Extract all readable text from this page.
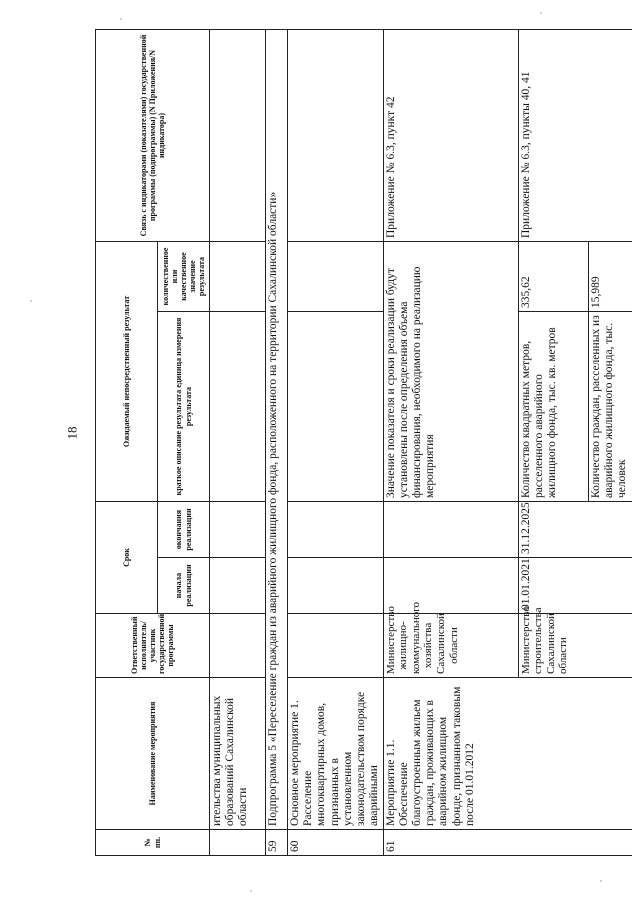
18
№ пп.	Наименование мероприятия	Ответственный исполнитель/участник государственной программы	Срок		Ожидаемый непосредственный результат		Связь с индикаторами (показателями) государственной программы (подпрограммы) (N Приложения/N индикатора)
			начала реализации	окончания реализации	краткое описание результата единица измерения результата	количественное или качественное значение результата	
	ительства муниципальных образований Сахалинской области						
59	Подпрограмма 5 «Переселение граждан из аварийного жилищного фонда, расположенного на территории Сахалинской области»						
60	Основное мероприятие 1. Расселение многоквартирных домов, признанных в установленном законодательством порядке аварийными						
61	Мероприятие 1.1. Обеспечение благоустроенным жильем граждан, проживающих в аварийном жилищном фонде, признанном таковым после 01.01.2012	Министерство жилищно-коммунального хозяйства Сахалинской области			Значение показателя и сроки реализации будут установлены после определения объема финансирования, необходимого на реализацию мероприятия		Приложение № 6.3, пункт 42
		Министерство строительства Сахалинской области	01.01.2021	31.12.2025	Количество квадратных метров, расселенного аварийного жилищного фонда, тыс. кв. метров	335,62	Приложение № 6.3, пункты 40, 41
					Количество граждан, расселенных из аварийного жилищного фонда, тыс. человек	15,989	
